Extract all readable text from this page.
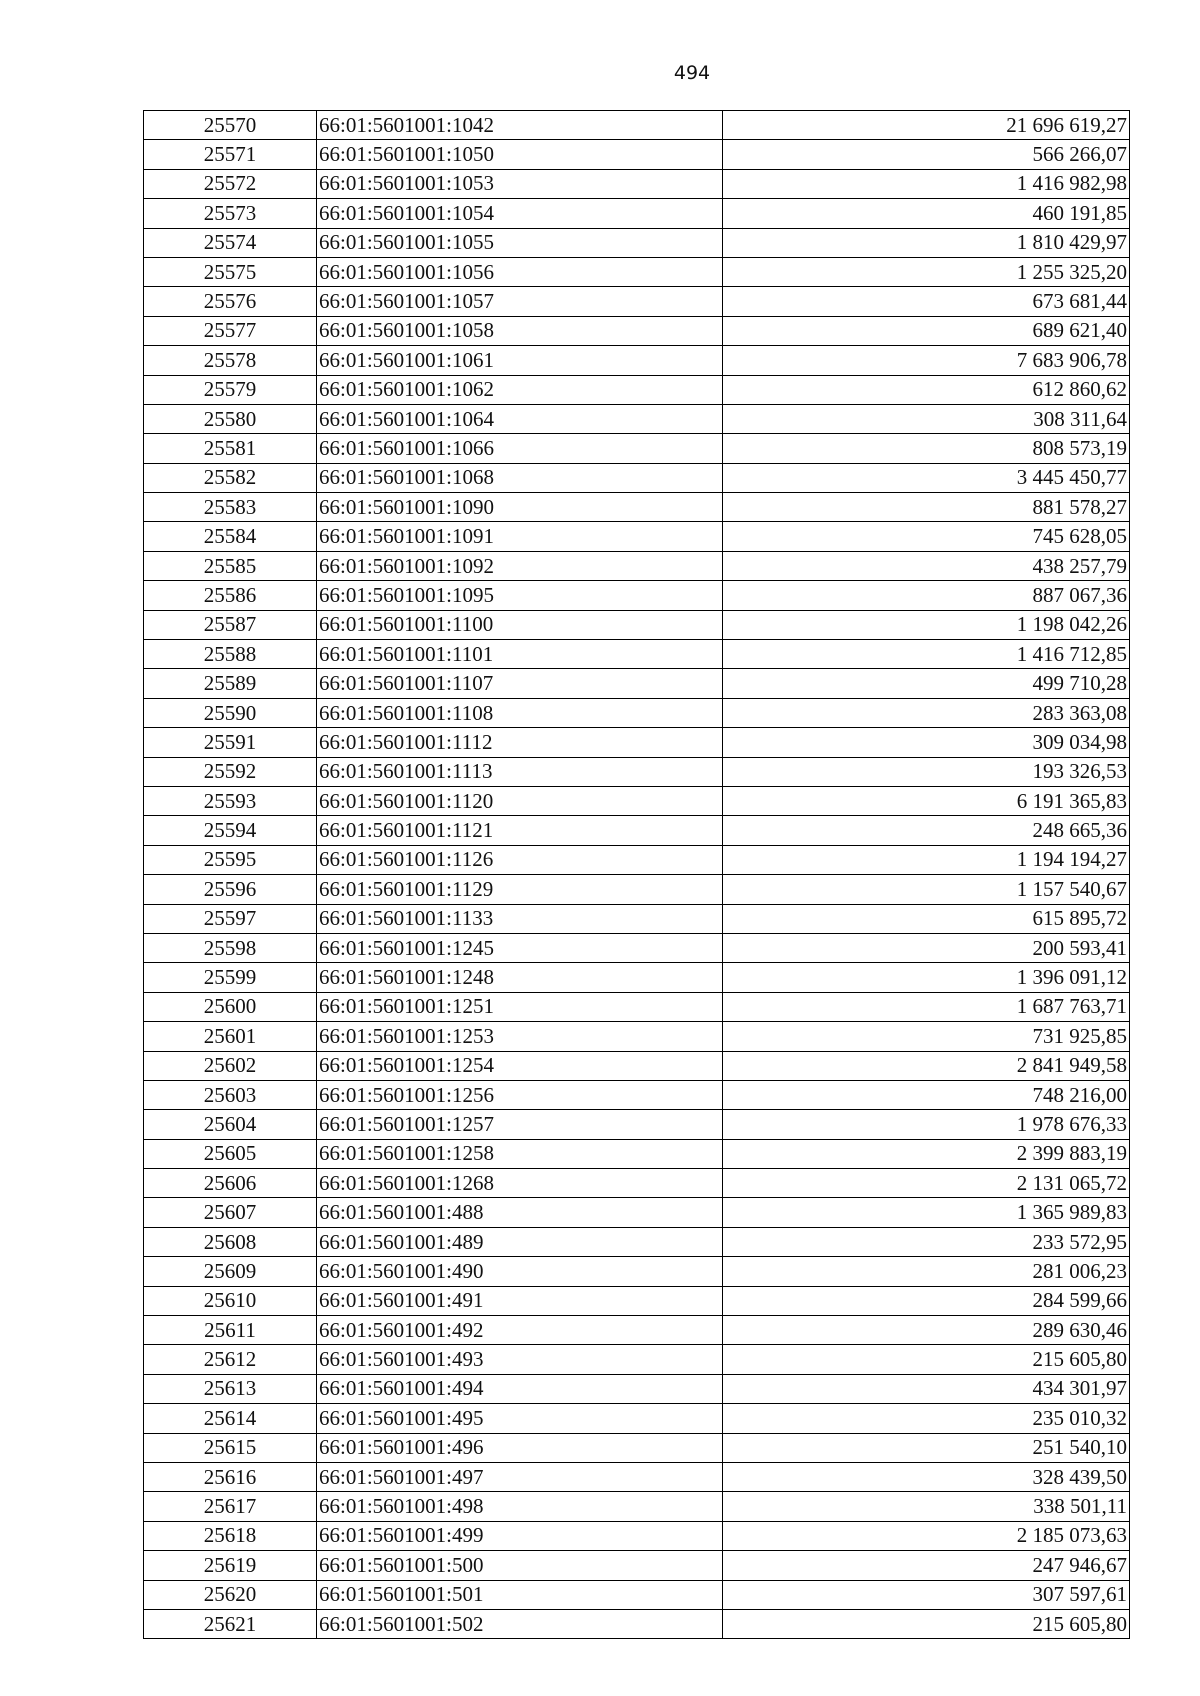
494
25570	66:01:5601001:1042	21 696 619,27
25571	66:01:5601001:1050	566 266,07
25572	66:01:5601001:1053	1 416 982,98
25573	66:01:5601001:1054	460 191,85
25574	66:01:5601001:1055	1 810 429,97
25575	66:01:5601001:1056	1 255 325,20
25576	66:01:5601001:1057	673 681,44
25577	66:01:5601001:1058	689 621,40
25578	66:01:5601001:1061	7 683 906,78
25579	66:01:5601001:1062	612 860,62
25580	66:01:5601001:1064	308 311,64
25581	66:01:5601001:1066	808 573,19
25582	66:01:5601001:1068	3 445 450,77
25583	66:01:5601001:1090	881 578,27
25584	66:01:5601001:1091	745 628,05
25585	66:01:5601001:1092	438 257,79
25586	66:01:5601001:1095	887 067,36
25587	66:01:5601001:1100	1 198 042,26
25588	66:01:5601001:1101	1 416 712,85
25589	66:01:5601001:1107	499 710,28
25590	66:01:5601001:1108	283 363,08
25591	66:01:5601001:1112	309 034,98
25592	66:01:5601001:1113	193 326,53
25593	66:01:5601001:1120	6 191 365,83
25594	66:01:5601001:1121	248 665,36
25595	66:01:5601001:1126	1 194 194,27
25596	66:01:5601001:1129	1 157 540,67
25597	66:01:5601001:1133	615 895,72
25598	66:01:5601001:1245	200 593,41
25599	66:01:5601001:1248	1 396 091,12
25600	66:01:5601001:1251	1 687 763,71
25601	66:01:5601001:1253	731 925,85
25602	66:01:5601001:1254	2 841 949,58
25603	66:01:5601001:1256	748 216,00
25604	66:01:5601001:1257	1 978 676,33
25605	66:01:5601001:1258	2 399 883,19
25606	66:01:5601001:1268	2 131 065,72
25607	66:01:5601001:488	1 365 989,83
25608	66:01:5601001:489	233 572,95
25609	66:01:5601001:490	281 006,23
25610	66:01:5601001:491	284 599,66
25611	66:01:5601001:492	289 630,46
25612	66:01:5601001:493	215 605,80
25613	66:01:5601001:494	434 301,97
25614	66:01:5601001:495	235 010,32
25615	66:01:5601001:496	251 540,10
25616	66:01:5601001:497	328 439,50
25617	66:01:5601001:498	338 501,11
25618	66:01:5601001:499	2 185 073,63
25619	66:01:5601001:500	247 946,67
25620	66:01:5601001:501	307 597,61
25621	66:01:5601001:502	215 605,80
